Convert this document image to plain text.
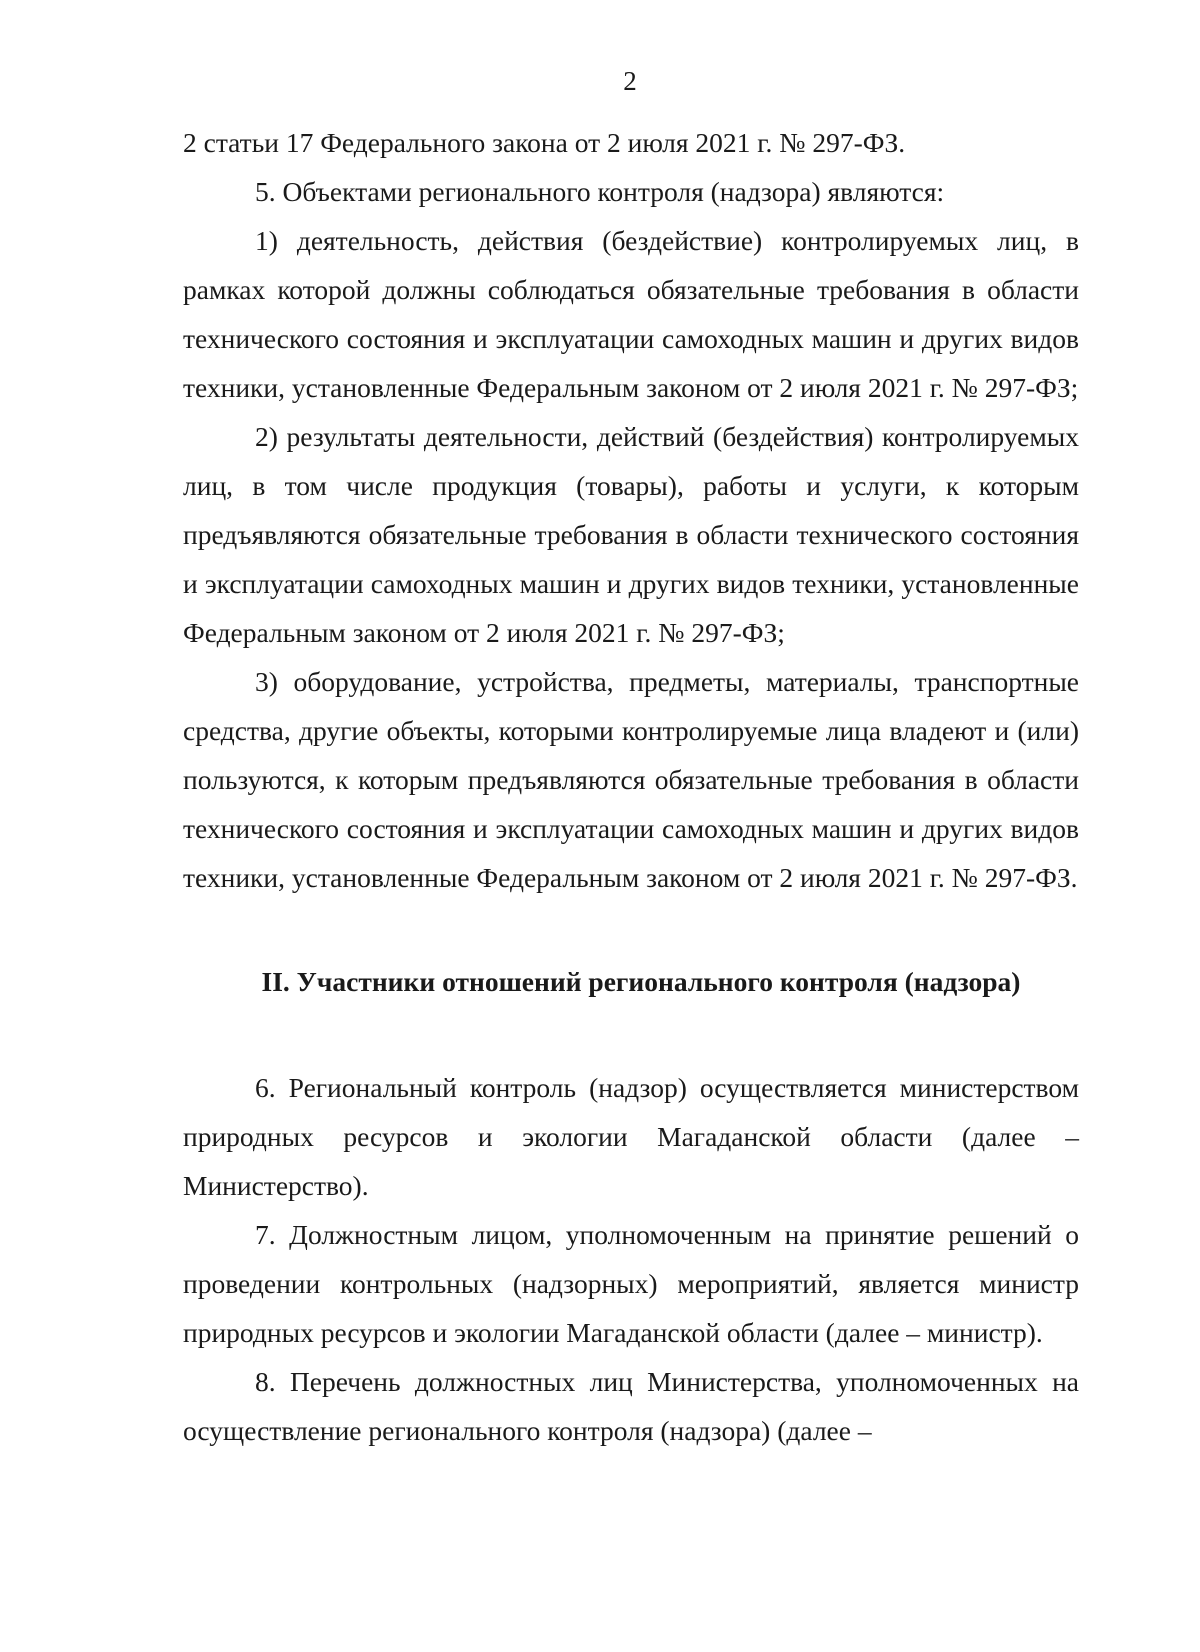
2

2 статьи 17 Федерального закона от 2 июля 2021 г. № 297-ФЗ.

5. Объектами регионального контроля (надзора) являются:

1) деятельность, действия (бездействие) контролируемых лиц, в рамках которой должны соблюдаться обязательные требования в области технического состояния и эксплуатации самоходных машин и других видов техники, установленные Федеральным законом от 2 июля 2021 г. № 297-ФЗ;

2) результаты деятельности, действий (бездействия) контролируемых лиц, в том числе продукция (товары), работы и услуги, к которым предъявляются обязательные требования в области технического состояния и эксплуатации самоходных машин и других видов техники, установленные Федеральным законом от 2 июля 2021 г. № 297-ФЗ;

3) оборудование, устройства, предметы, материалы, транспортные средства, другие объекты, которыми контролируемые лица владеют и (или) пользуются, к которым предъявляются обязательные требования в области технического состояния и эксплуатации самоходных машин и других видов техники, установленные Федеральным законом от 2 июля 2021 г. № 297-ФЗ.

II. Участники отношений регионального контроля (надзора)

6. Региональный контроль (надзор) осуществляется министерством природных ресурсов и экологии Магаданской области (далее – Министерство).

7. Должностным лицом, уполномоченным на принятие решений о проведении контрольных (надзорных) мероприятий, является министр природных ресурсов и экологии Магаданской области (далее – министр).

8. Перечень должностных лиц Министерства, уполномоченных на осуществление регионального контроля (надзора) (далее –
